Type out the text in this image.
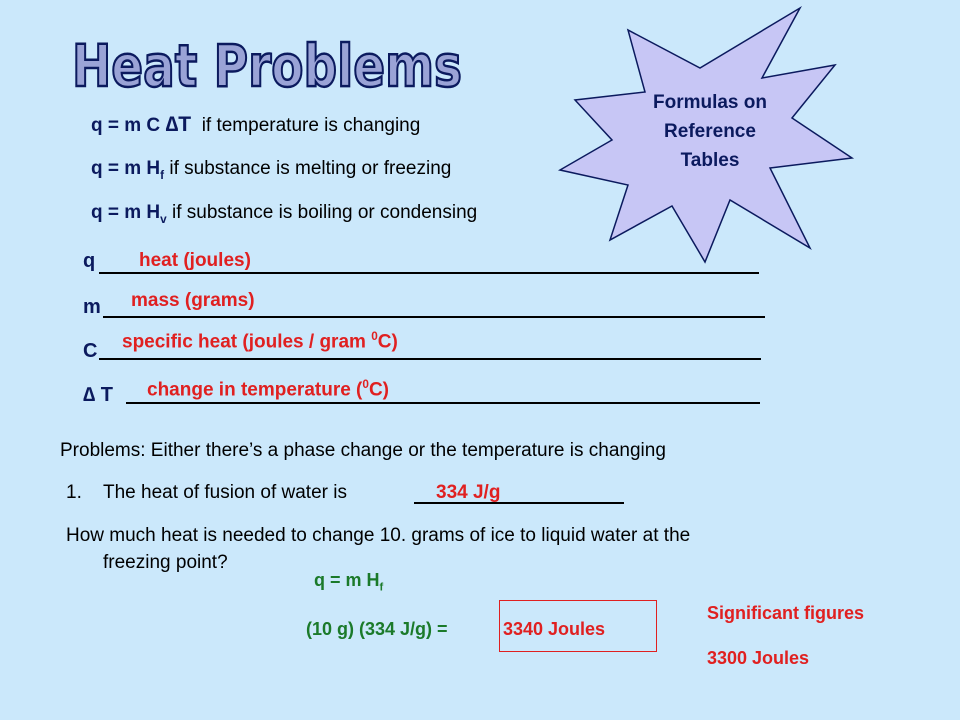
Formulas on
Reference
Tables
Heat Problems
q = m C ∆T if temperature is changing
q = m $H_f$ if substance is melting or freezing
q = m $H_v$ if substance is boiling or condensing
q heat (joules)
m mass (grams)
C specific heat (joules / gram $^0$C)
∆ T change in temperature ($^0$C)
Problems: Either there’s a phase change or the temperature is changing
1. The heat of fusion of water is	334 J/g
How much heat is needed to change 10. grams of ice to liquid water at the
freezing point?
q = m $H_f$
(10 g) (334 J/g) =	3340 Joules
Significant figures
3300 Joules
